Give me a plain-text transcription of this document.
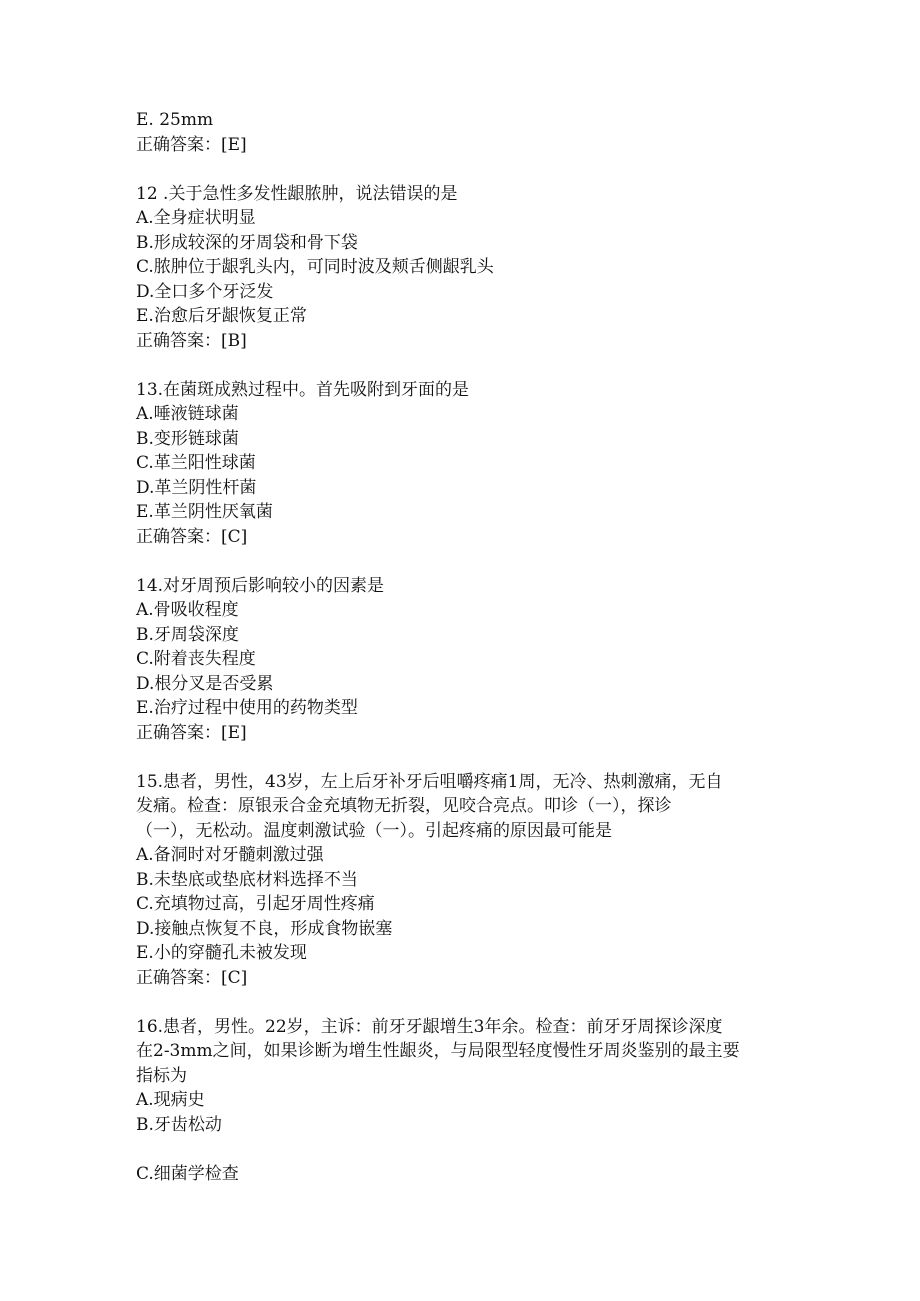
E. 25mm
正确答案：[E]
12 .关于急性多发性龈脓肿，说法错误的是
A.全身症状明显
B.形成较深的牙周袋和骨下袋
C.脓肿位于龈乳头内，可同时波及颊舌侧龈乳头
D.全口多个牙泛发
E.治愈后牙龈恢复正常
正确答案：[B]
13.在菌斑成熟过程中。首先吸附到牙面的是
A.唾液链球菌
B.变形链球菌
C.革兰阳性球菌
D.革兰阴性杆菌
E.革兰阴性厌氧菌
正确答案：[C]
14.对牙周预后影响较小的因素是
A.骨吸收程度
B.牙周袋深度
C.附着丧失程度
D.根分叉是否受累
E.治疗过程中使用的药物类型
正确答案：[E]
15.患者，男性，43岁，左上后牙补牙后咀嚼疼痛1周，无冷、热刺激痛，无自
发痛。检查：原银汞合金充填物无折裂，见咬合亮点。叩诊（一），探诊
（一），无松动。温度刺激试验（一）。引起疼痛的原因最可能是
A.备洞时对牙髓刺激过强
B.未垫底或垫底材料选择不当
C.充填物过高，引起牙周性疼痛
D.接触点恢复不良，形成食物嵌塞
E.小的穿髓孔未被发现
正确答案：[C]
16.患者，男性。22岁，主诉：前牙牙龈增生3年余。检查：前牙牙周探诊深度
在2-3mm之间，如果诊断为增生性龈炎，与局限型轻度慢性牙周炎鉴别的最主要
指标为
A.现病史
B.牙齿松动
C.细菌学检查
